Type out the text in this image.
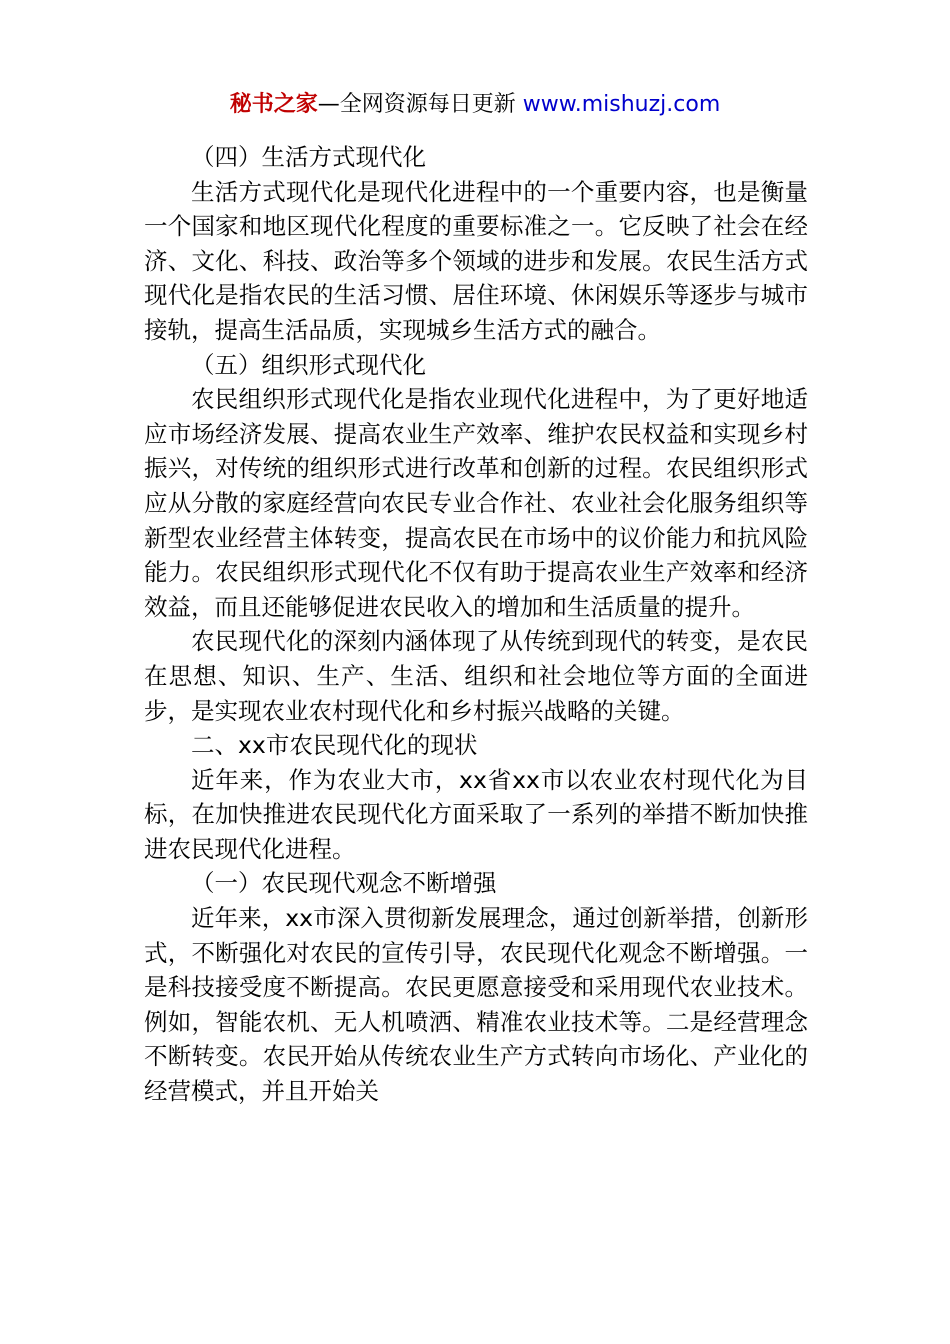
秘书之家—全网资源每日更新 www.mishuzj.com

（四）生活方式现代化

生活方式现代化是现代化进程中的一个重要内容，也是衡量一个国家和地区现代化程度的重要标准之一。它反映了社会在经济、文化、科技、政治等多个领域的进步和发展。农民生活方式现代化是指农民的生活习惯、居住环境、休闲娱乐等逐步与城市接轨，提高生活品质，实现城乡生活方式的融合。

（五）组织形式现代化

农民组织形式现代化是指农业现代化进程中，为了更好地适应市场经济发展、提高农业生产效率、维护农民权益和实现乡村振兴，对传统的组织形式进行改革和创新的过程。农民组织形式应从分散的家庭经营向农民专业合作社、农业社会化服务组织等新型农业经营主体转变，提高农民在市场中的议价能力和抗风险能力。农民组织形式现代化不仅有助于提高农业生产效率和经济效益，而且还能够促进农民收入的增加和生活质量的提升。

农民现代化的深刻内涵体现了从传统到现代的转变，是农民在思想、知识、生产、生活、组织和社会地位等方面的全面进步，是实现农业农村现代化和乡村振兴战略的关键。

二、xx市农民现代化的现状

近年来，作为农业大市，xx省xx市以农业农村现代化为目标，在加快推进农民现代化方面采取了一系列的举措不断加快推进农民现代化进程。

（一）农民现代观念不断增强

近年来，xx市深入贯彻新发展理念，通过创新举措，创新形式，不断强化对农民的宣传引导，农民现代化观念不断增强。一是科技接受度不断提高。农民更愿意接受和采用现代农业技术。例如，智能农机、无人机喷洒、精准农业技术等。二是经营理念不断转变。农民开始从传统农业生产方式转向市场化、产业化的经营模式，并且开始关
